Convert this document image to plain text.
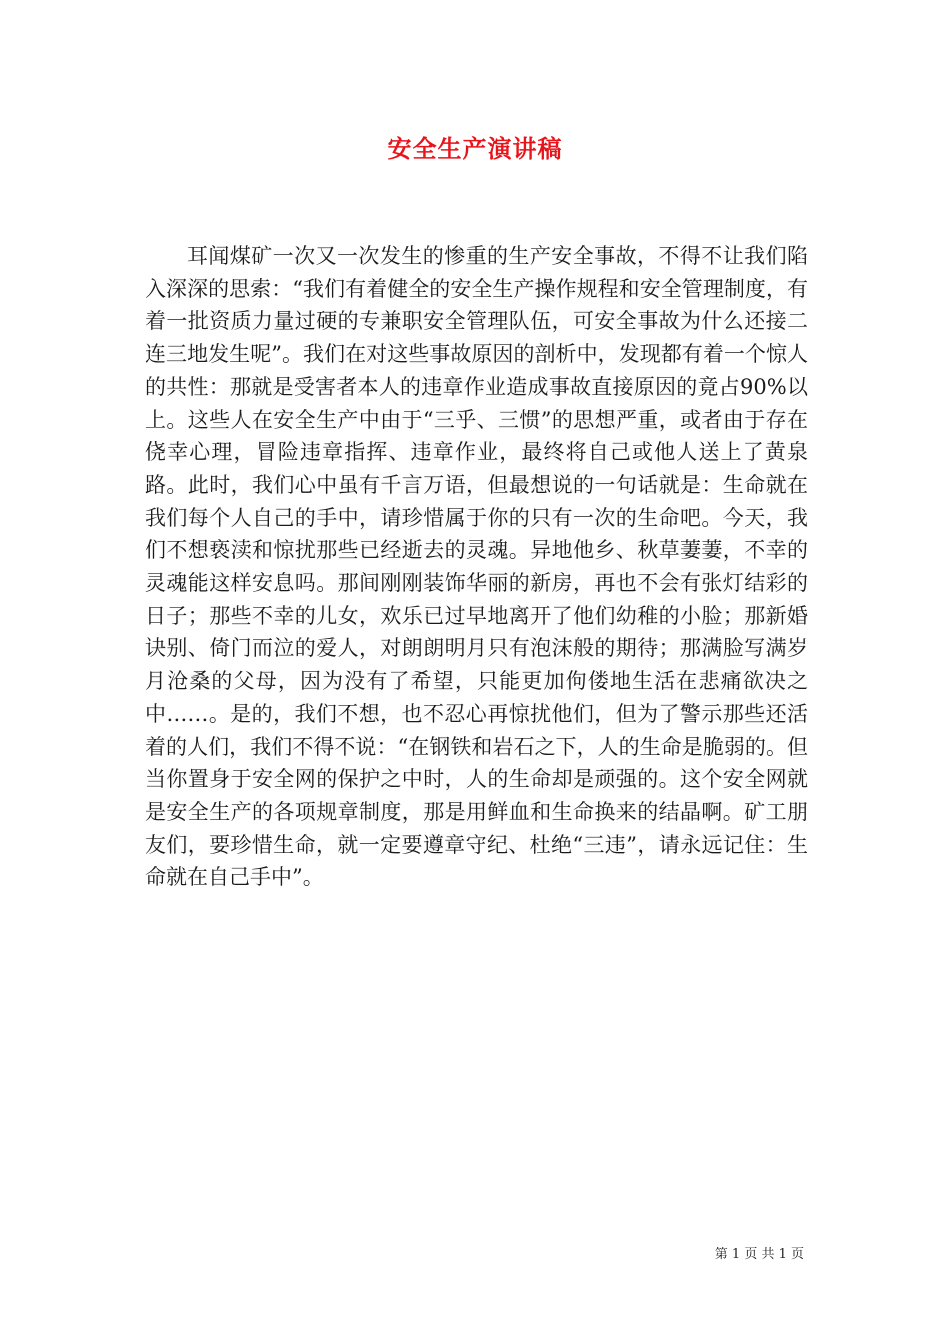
安全生产演讲稿

耳闻煤矿一次又一次发生的惨重的生产安全事故，不得不让我们陷入深深的思索：“我们有着健全的安全生产操作规程和安全管理制度，有着一批资质力量过硬的专兼职安全管理队伍，可安全事故为什么还接二连三地发生呢”。我们在对这些事故原因的剖析中，发现都有着一个惊人的共性：那就是受害者本人的违章作业造成事故直接原因的竟占90%以上。这些人在安全生产中由于“三乎、三惯”的思想严重，或者由于存在侥幸心理，冒险违章指挥、违章作业，最终将自己或他人送上了黄泉路。此时，我们心中虽有千言万语，但最想说的一句话就是：生命就在我们每个人自己的手中，请珍惜属于你的只有一次的生命吧。今天，我们不想亵渎和惊扰那些已经逝去的灵魂。异地他乡、秋草萋萋，不幸的灵魂能这样安息吗。那间刚刚装饰华丽的新房，再也不会有张灯结彩的日子；那些不幸的儿女，欢乐已过早地离开了他们幼稚的小脸；那新婚诀别、倚门而泣的爱人，对朗朗明月只有泡沫般的期待；那满脸写满岁月沧桑的父母，因为没有了希望，只能更加佝偻地生活在悲痛欲决之中……。是的，我们不想，也不忍心再惊扰他们，但为了警示那些还活着的人们，我们不得不说：“在钢铁和岩石之下，人的生命是脆弱的。但当你置身于安全网的保护之中时，人的生命却是顽强的。这个安全网就是安全生产的各项规章制度，那是用鲜血和生命换来的结晶啊。矿工朋友们，要珍惜生命，就一定要遵章守纪、杜绝“三违”，请永远记住：生命就在自己手中”。

第 1 页 共 1 页
